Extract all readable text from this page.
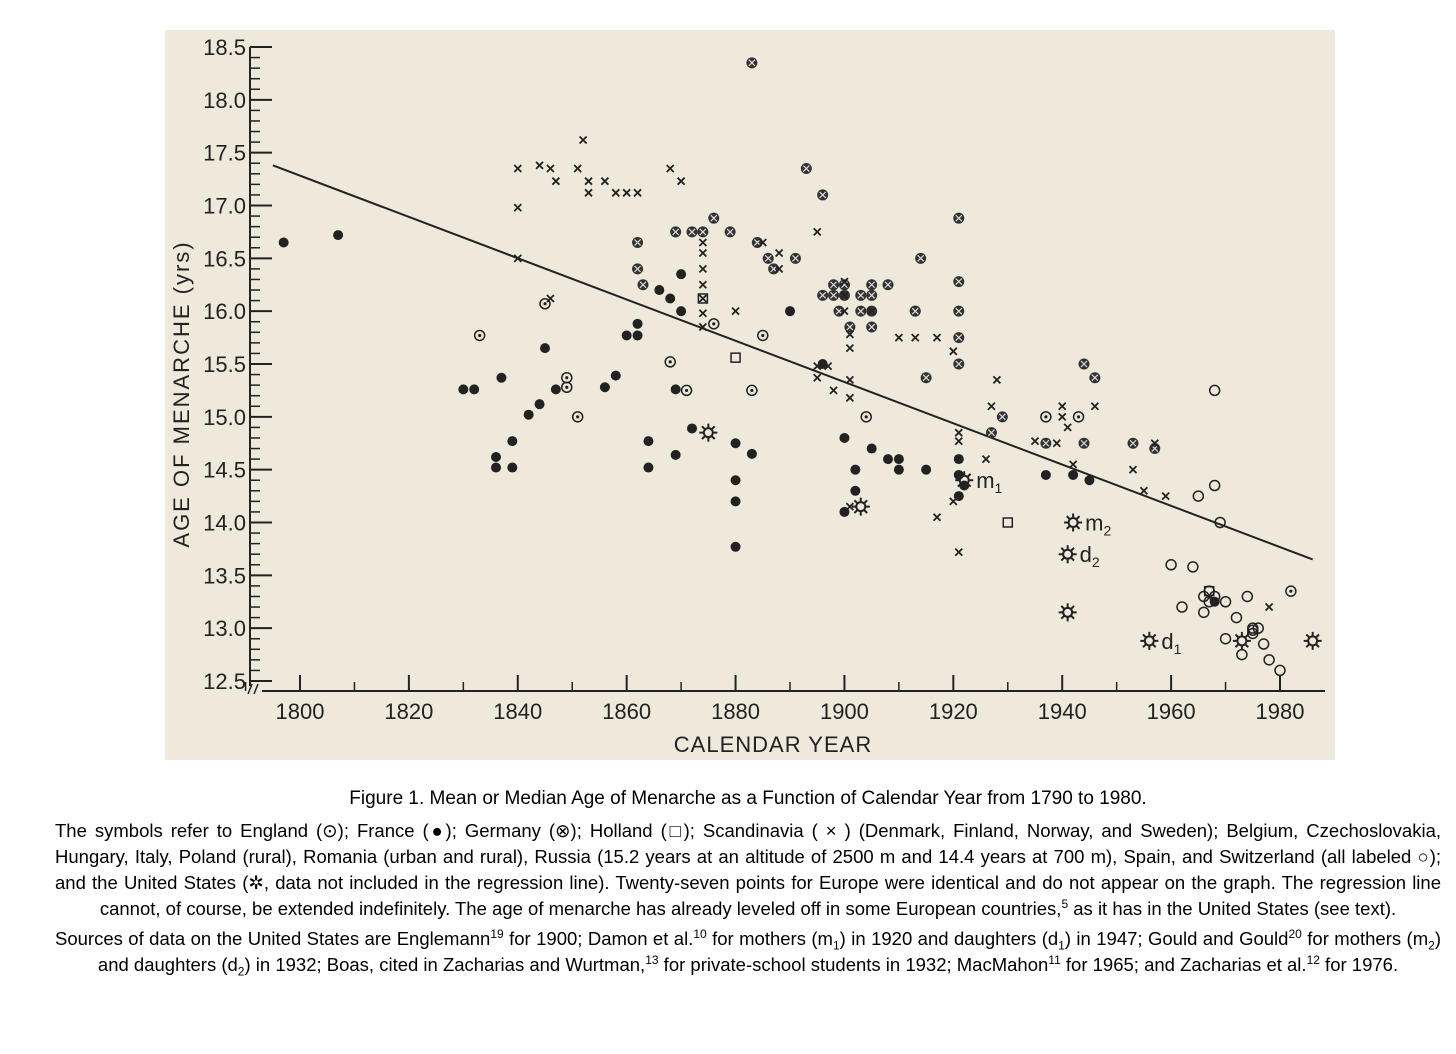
12.5
13.0
13.5
14.0
14.5
15.0
15.5
16.0
16.5
17.0
17.5
18.0
18.5
1800	1820	1840	1860	1880	1900	1920	1940	1960	1980
CALENDAR YEAR
AGE OF MENARCHE (yrs)	$m_1$
$m_2$
$d_2$
$d_1$
Figure 1. Mean or Median Age of Menarche as a Function of Calendar Year from 1790 to 1980.

The symbols refer to England (⊙); France (●); Germany (⊗); Holland (□); Scandinavia ( × ) (Denmark, Finland, Norway, and Sweden); Belgium, Czechoslovakia, Hungary, Italy, Poland (rural), Romania (urban and rural), Russia (15.2 years at an altitude of 2500 m and 14.4 years at 700 m), Spain, and Switzerland (all labeled ○); and the United States (✲, data not included in the regression line). Twenty-seven points for Europe were identical and do not appear on the graph. The regression line cannot, of course, be extended indefinitely. The age of menarche has already leveled off in some European countries,$^5$ as it has in the United States (see text).

Sources of data on the United States are Englemann$^{19}$ for 1900; Damon et al.$^{10}$ for mothers $(m_1)$ in 1920 and daughters $(d_1)$ in 1947; Gould and Gould$^{20}$ for mothers $(m_2)$ and daughters $(d_2)$ in 1932; Boas, cited in Zacharias and Wurtman,$^{13}$ for private-school students in 1932; MacMahon$^{11}$ for 1965; and Zacharias et al.$^{12}$ for 1976.
